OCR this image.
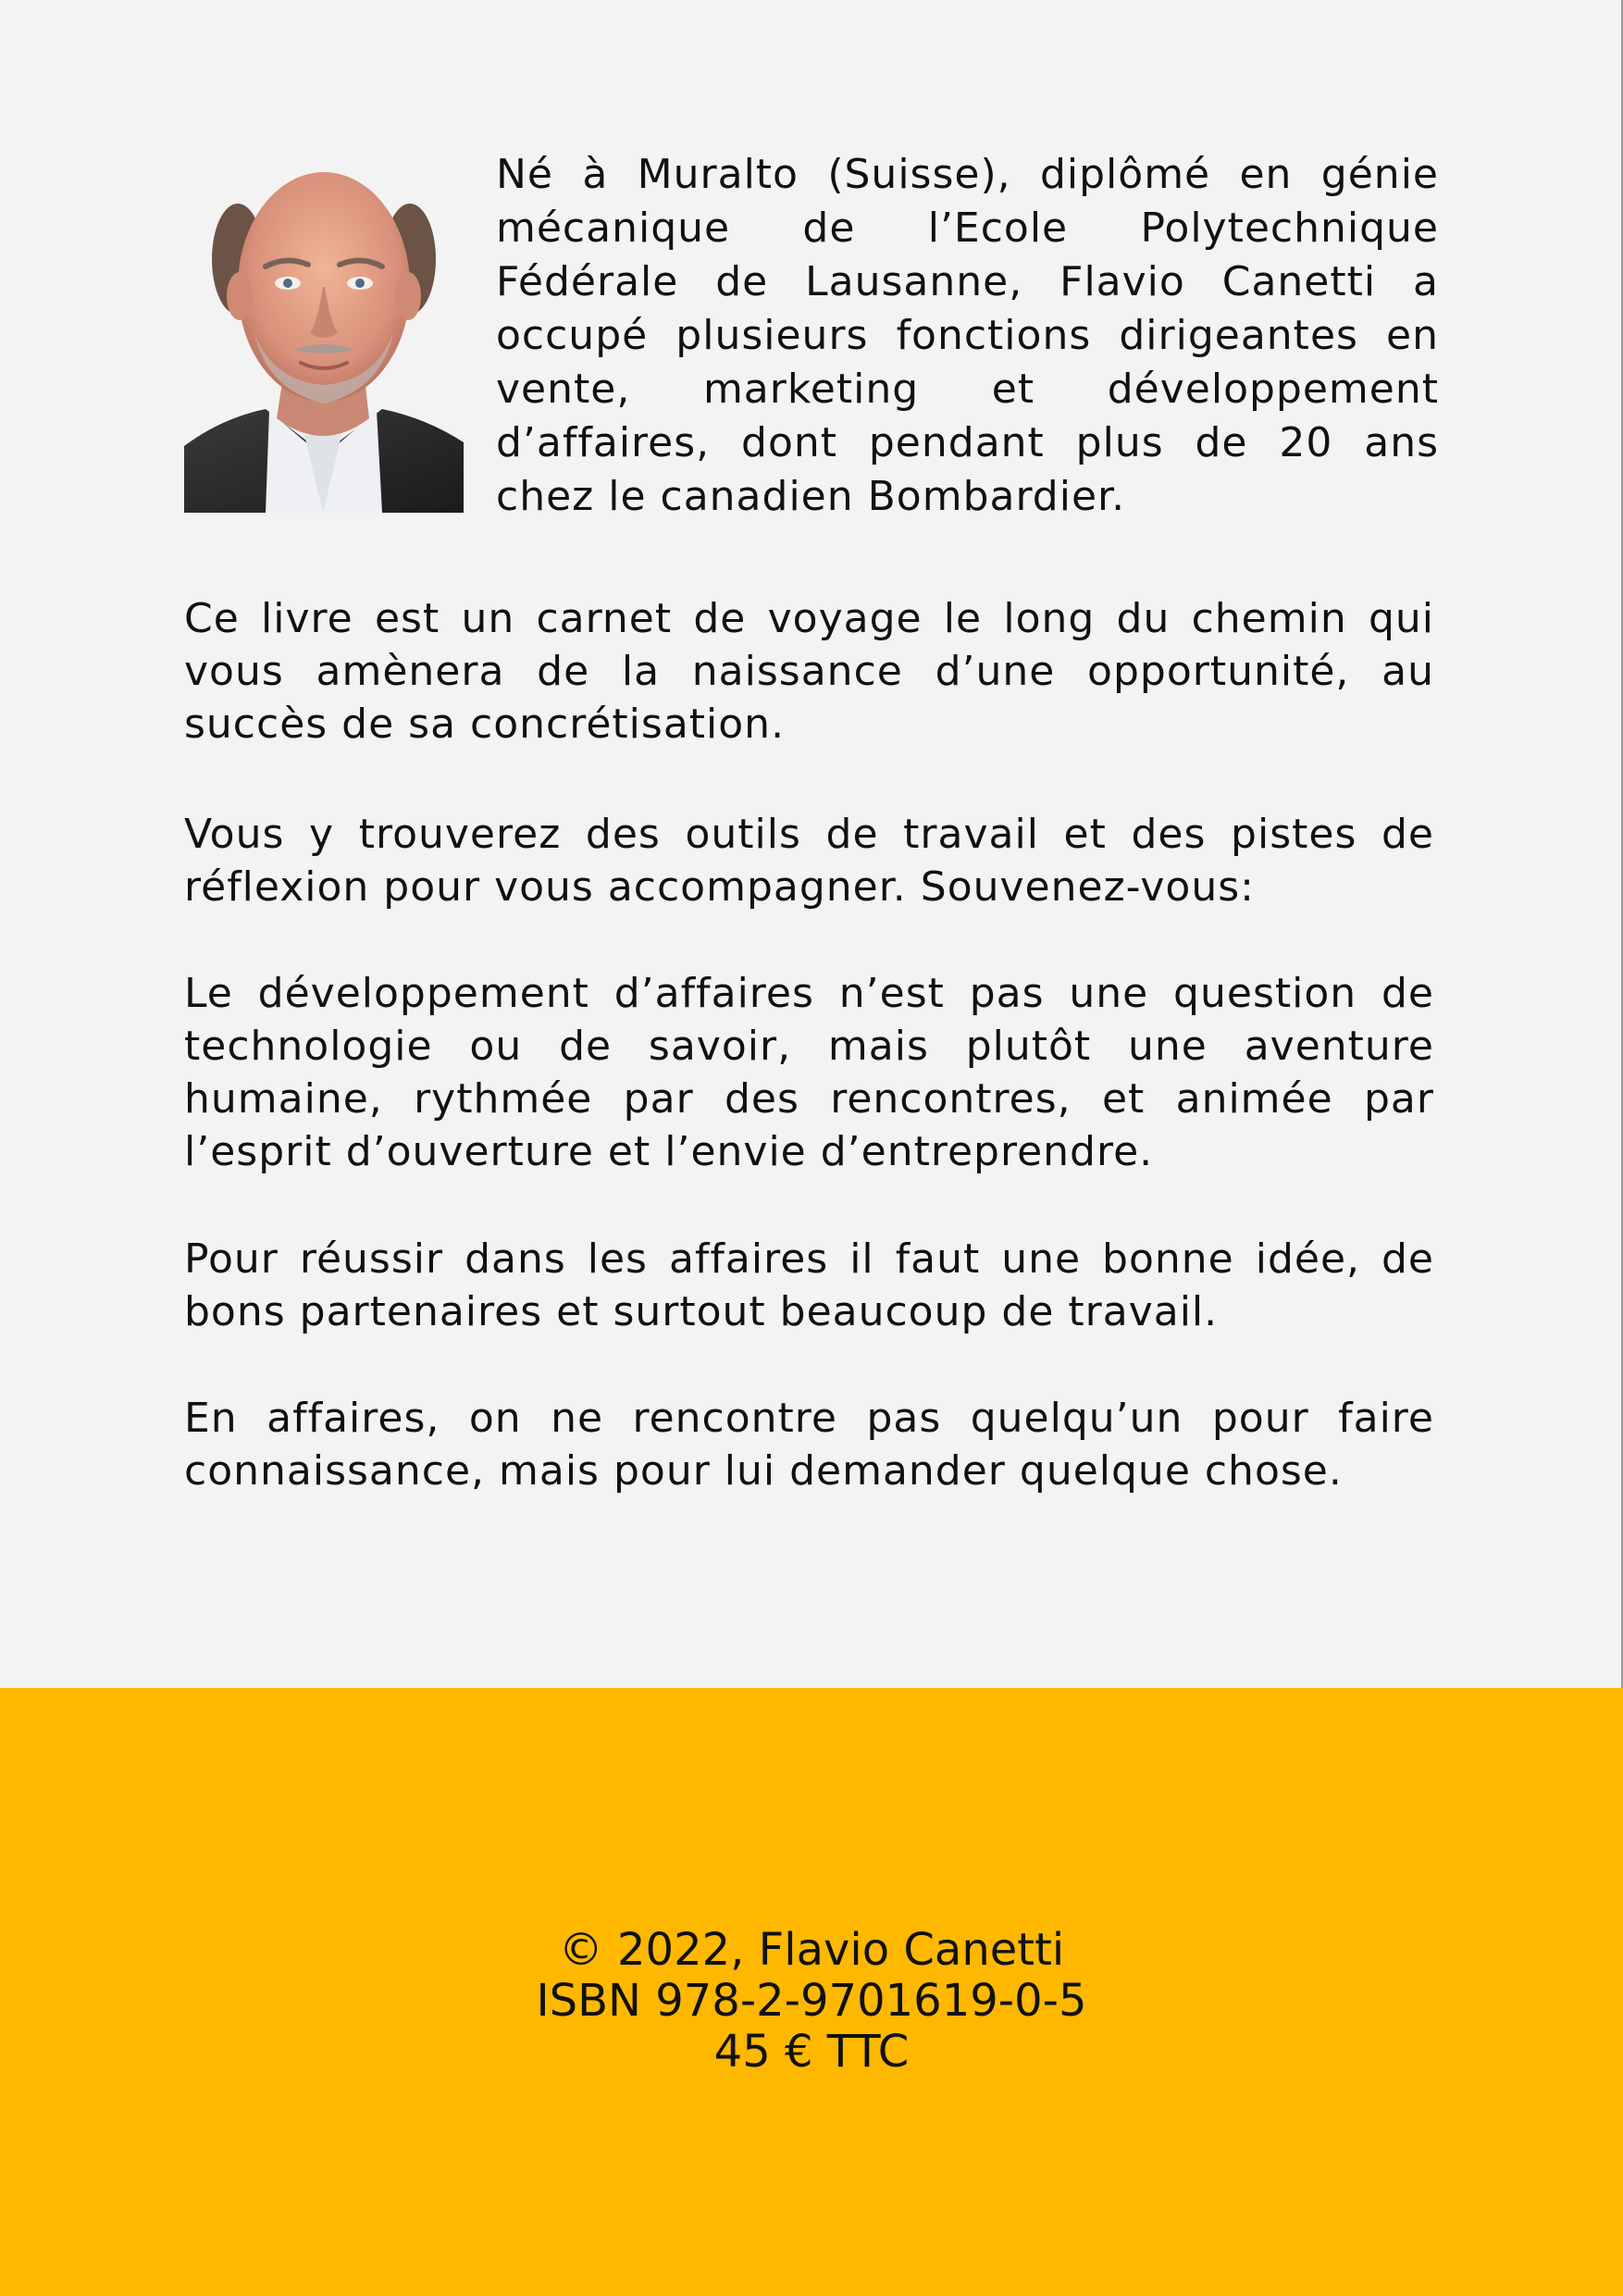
Né à Muralto (Suisse), diplômé en génie mécanique de l’Ecole Polytechnique Fédérale de Lausanne, Flavio Canetti a occupé plusieurs fonctions dirigeantes en vente, marketing et développement d’affaires, dont pendant plus de 20 ans chez le canadien Bombardier.

Ce livre est un carnet de voyage le long du chemin qui vous amènera de la naissance d’une opportunité, au succès de sa concrétisation.

Vous y trouverez des outils de travail et des pistes de réflexion pour vous accompagner. Souvenez-vous:

Le développement d’affaires n’est pas une question de technologie ou de savoir, mais plutôt une aventure humaine, rythmée par des rencontres, et animée par l’esprit d’ouverture et l’envie d’entreprendre.

Pour réussir dans les affaires il faut une bonne idée, de bons partenaires et surtout beaucoup de travail.

En affaires, on ne rencontre pas quelqu’un pour faire connaissance, mais pour lui demander quelque chose.

© 2022, Flavio Canetti
ISBN 978-2-9701619-0-5
45 € TTC
